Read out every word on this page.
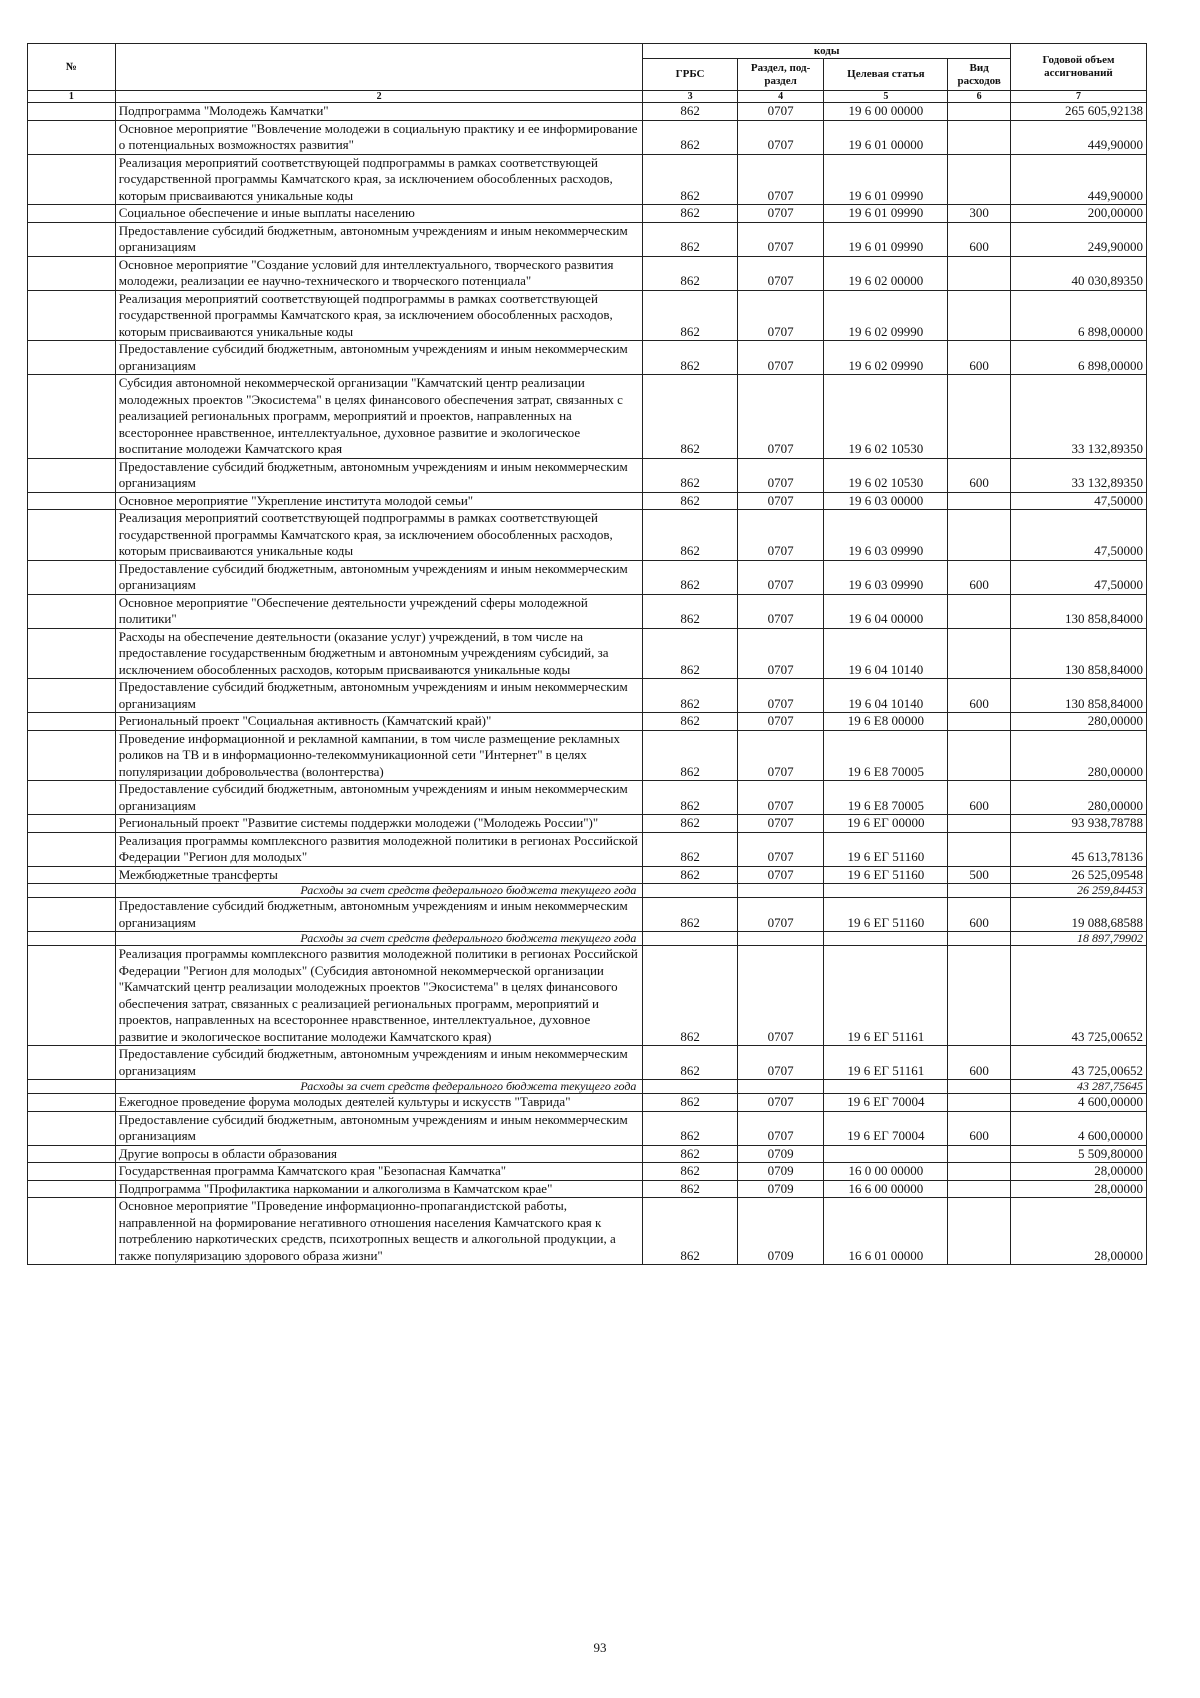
№		коды				Годовой объем ассигнований
		ГРБС	Раздел, под-раздел	Целевая статья	Вид расходов	
1	2	3	4	5	6	7
	Подпрограмма "Молодежь Камчатки"	862	0707	19 6 00 00000		265 605,92138
	Основное мероприятие "Вовлечение молодежи в социальную практику и ее информирование о потенциальных возможностях развития"	862	0707	19 6 01 00000		449,90000
	Реализация мероприятий соответствующей подпрограммы в рамках соответствующей государственной программы Камчатского края, за исключением обособленных расходов, которым присваиваются уникальные коды	862	0707	19 6 01 09990		449,90000
	Социальное обеспечение и иные выплаты населению	862	0707	19 6 01 09990	300	200,00000
	Предоставление субсидий бюджетным, автономным учреждениям и иным некоммерческим организациям	862	0707	19 6 01 09990	600	249,90000
	Основное мероприятие "Создание условий для интеллектуального, творческого развития молодежи, реализации ее научно-технического и творческого потенциала"	862	0707	19 6 02 00000		40 030,89350
	Реализация мероприятий соответствующей подпрограммы в рамках соответствующей государственной программы Камчатского края, за исключением обособленных расходов, которым присваиваются уникальные коды	862	0707	19 6 02 09990		6 898,00000
	Предоставление субсидий бюджетным, автономным учреждениям и иным некоммерческим организациям	862	0707	19 6 02 09990	600	6 898,00000
	Субсидия автономной некоммерческой организации "Камчатский центр реализации молодежных проектов "Экосистема" в целях финансового обеспечения затрат, связанных с реализацией региональных программ, мероприятий и проектов, направленных на всестороннее нравственное, интеллектуальное, духовное развитие и экологическое воспитание молодежи Камчатского края	862	0707	19 6 02 10530		33 132,89350
	Предоставление субсидий бюджетным, автономным учреждениям и иным некоммерческим организациям	862	0707	19 6 02 10530	600	33 132,89350
	Основное мероприятие "Укрепление института молодой семьи"	862	0707	19 6 03 00000		47,50000
	Реализация мероприятий соответствующей подпрограммы в рамках соответствующей государственной программы Камчатского края, за исключением обособленных расходов, которым присваиваются уникальные коды	862	0707	19 6 03 09990		47,50000
	Предоставление субсидий бюджетным, автономным учреждениям и иным некоммерческим организациям	862	0707	19 6 03 09990	600	47,50000
	Основное мероприятие "Обеспечение деятельности учреждений сферы молодежной политики"	862	0707	19 6 04 00000		130 858,84000
	Расходы на обеспечение деятельности (оказание услуг) учреждений, в том числе на предоставление государственным бюджетным и автономным учреждениям субсидий, за исключением обособленных расходов, которым присваиваются уникальные коды	862	0707	19 6 04 10140		130 858,84000
	Предоставление субсидий бюджетным, автономным учреждениям и иным некоммерческим организациям	862	0707	19 6 04 10140	600	130 858,84000
	Региональный проект "Социальная активность (Камчатский край)"	862	0707	19 6 Е8 00000		280,00000
	Проведение информационной и рекламной кампании, в том числе размещение рекламных роликов на ТВ и в информационно-телекоммуникационной сети "Интернет" в целях популяризации добровольчества (волонтерства)	862	0707	19 6 Е8 70005		280,00000
	Предоставление субсидий бюджетным, автономным учреждениям и иным некоммерческим организациям	862	0707	19 6 Е8 70005	600	280,00000
	Региональный проект "Развитие системы поддержки молодежи ("Молодежь России")"	862	0707	19 6 ЕГ 00000		93 938,78788
	Реализация программы комплексного развития молодежной политики в регионах Российской Федерации "Регион для молодых"	862	0707	19 6 ЕГ 51160		45 613,78136
	Межбюджетные трансферты	862	0707	19 6 ЕГ 51160	500	26 525,09548
	Расходы за счет средств федерального бюджета текущего года					26 259,84453
	Предоставление субсидий бюджетным, автономным учреждениям и иным некоммерческим организациям	862	0707	19 6 ЕГ 51160	600	19 088,68588
	Расходы за счет средств федерального бюджета текущего года					18 897,79902
	Реализация программы комплексного развития молодежной политики в регионах Российской Федерации "Регион для молодых" (Субсидия автономной некоммерческой организации "Камчатский центр реализации молодежных проектов "Экосистема" в целях финансового обеспечения затрат, связанных с реализацией региональных программ, мероприятий и проектов, направленных на всестороннее нравственное, интеллектуальное, духовное развитие и экологическое воспитание молодежи Камчатского края)	862	0707	19 6 ЕГ 51161		43 725,00652
	Предоставление субсидий бюджетным, автономным учреждениям и иным некоммерческим организациям	862	0707	19 6 ЕГ 51161	600	43 725,00652
	Расходы за счет средств федерального бюджета текущего года					43 287,75645
	Ежегодное проведение форума молодых деятелей культуры и искусств "Таврида"	862	0707	19 6 ЕГ 70004		4 600,00000
	Предоставление субсидий бюджетным, автономным учреждениям и иным некоммерческим организациям	862	0707	19 6 ЕГ 70004	600	4 600,00000
	Другие вопросы в области образования	862	0709			5 509,80000
	Государственная программа Камчатского края "Безопасная Камчатка"	862	0709	16 0 00 00000		28,00000
	Подпрограмма "Профилактика наркомании и алкоголизма в Камчатском крае"	862	0709	16 6 00 00000		28,00000
	Основное мероприятие "Проведение информационно-пропагандистской работы, направленной на формирование негативного отношения населения Камчатского края к потреблению наркотических средств, психотропных веществ и алкогольной продукции, а также популяризацию здорового образа жизни"	862	0709	16 6 01 00000		28,00000
93
